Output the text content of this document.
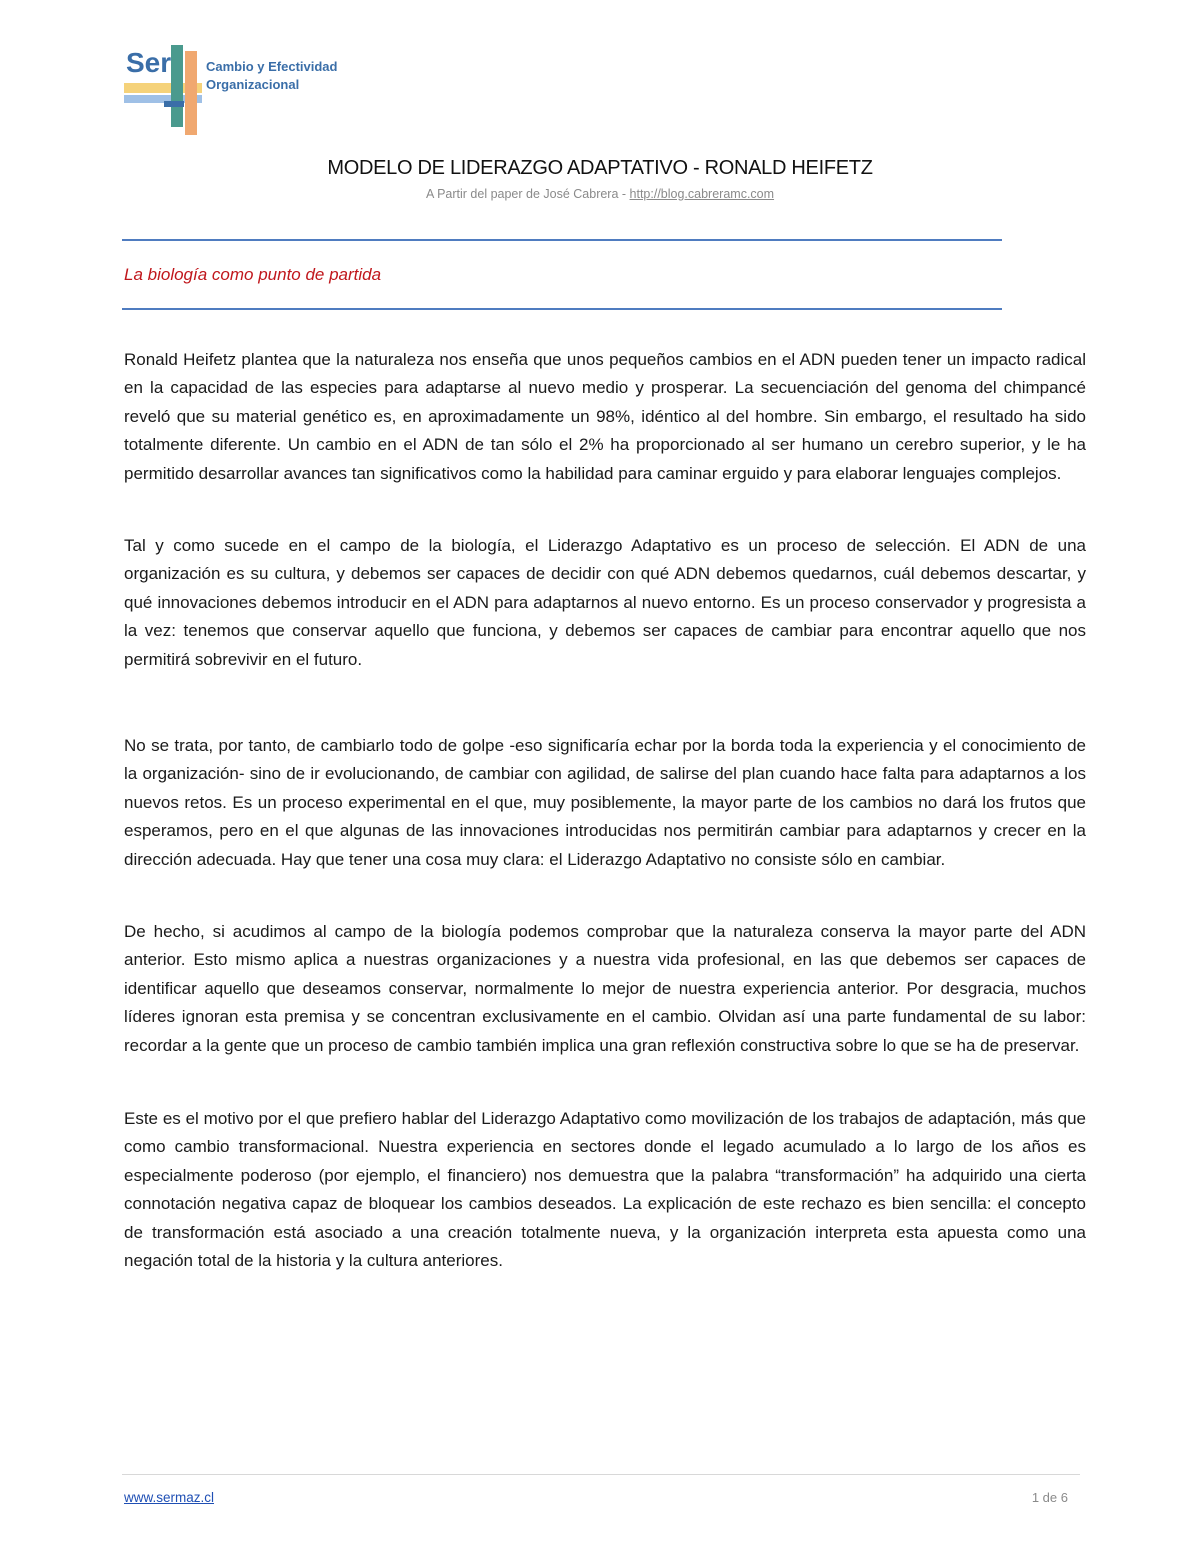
Ser	Cambio y Efectividad
Organizacional
MODELO DE LIDERAZGO ADAPTATIVO - RONALD HEIFETZ
A Partir del paper de José Cabrera - http://blog.cabreramc.com
La biología como punto de partida

Ronald Heifetz plantea que la naturaleza nos enseña que unos pequeños cambios en el ADN pueden tener un impacto radical en la capacidad de las especies para adaptarse al nuevo medio y prosperar. La secuenciación del genoma del chimpancé reveló que su material genético es, en aproximadamente un 98%, idéntico al del hombre. Sin embargo, el resultado ha sido totalmente diferente. Un cambio en el ADN de tan sólo el 2% ha proporcionado al ser humano un cerebro superior, y le ha permitido desarrollar avances tan significativos como la habilidad para caminar erguido y para elaborar lenguajes complejos.

Tal y como sucede en el campo de la biología, el Liderazgo Adaptativo es un proceso de selección. El ADN de una organización es su cultura, y debemos ser capaces de decidir con qué ADN debemos quedarnos, cuál debemos descartar, y qué innovaciones debemos introducir en el ADN para adaptarnos al nuevo entorno. Es un proceso conservador y progresista a la vez: tenemos que conservar aquello que funciona, y debemos ser capaces de cambiar para encontrar aquello que nos permitirá sobrevivir en el futuro.

No se trata, por tanto, de cambiarlo todo de golpe -eso significaría echar por la borda toda la experiencia y el conocimiento de la organización- sino de ir evolucionando, de cambiar con agilidad, de salirse del plan cuando hace falta para adaptarnos a los nuevos retos. Es un proceso experimental en el que, muy posiblemente, la mayor parte de los cambios no dará los frutos que esperamos, pero en el que algunas de las innovaciones introducidas nos permitirán cambiar para adaptarnos y crecer en la dirección adecuada. Hay que tener una cosa muy clara: el Liderazgo Adaptativo no consiste sólo en cambiar.

De hecho, si acudimos al campo de la biología podemos comprobar que la naturaleza conserva la mayor parte del ADN anterior. Esto mismo aplica a nuestras organizaciones y a nuestra vida profesional, en las que debemos ser capaces de identificar aquello que deseamos conservar, normalmente lo mejor de nuestra experiencia anterior. Por desgracia, muchos líderes ignoran esta premisa y se concentran exclusivamente en el cambio. Olvidan así una parte fundamental de su labor: recordar a la gente que un proceso de cambio también implica una gran reflexión constructiva sobre lo que se ha de preservar.

Este es el motivo por el que prefiero hablar del Liderazgo Adaptativo como movilización de los trabajos de adaptación, más que como cambio transformacional. Nuestra experiencia en sectores donde el legado acumulado a lo largo de los años es especialmente poderoso (por ejemplo, el financiero) nos demuestra que la palabra “transformación” ha adquirido una cierta connotación negativa capaz de bloquear los cambios deseados. La explicación de este rechazo es bien sencilla: el concepto de transformación está asociado a una creación totalmente nueva, y la organización interpreta esta apuesta como una negación total de la historia y la cultura anteriores.

www.sermaz.cl	1 de 6
